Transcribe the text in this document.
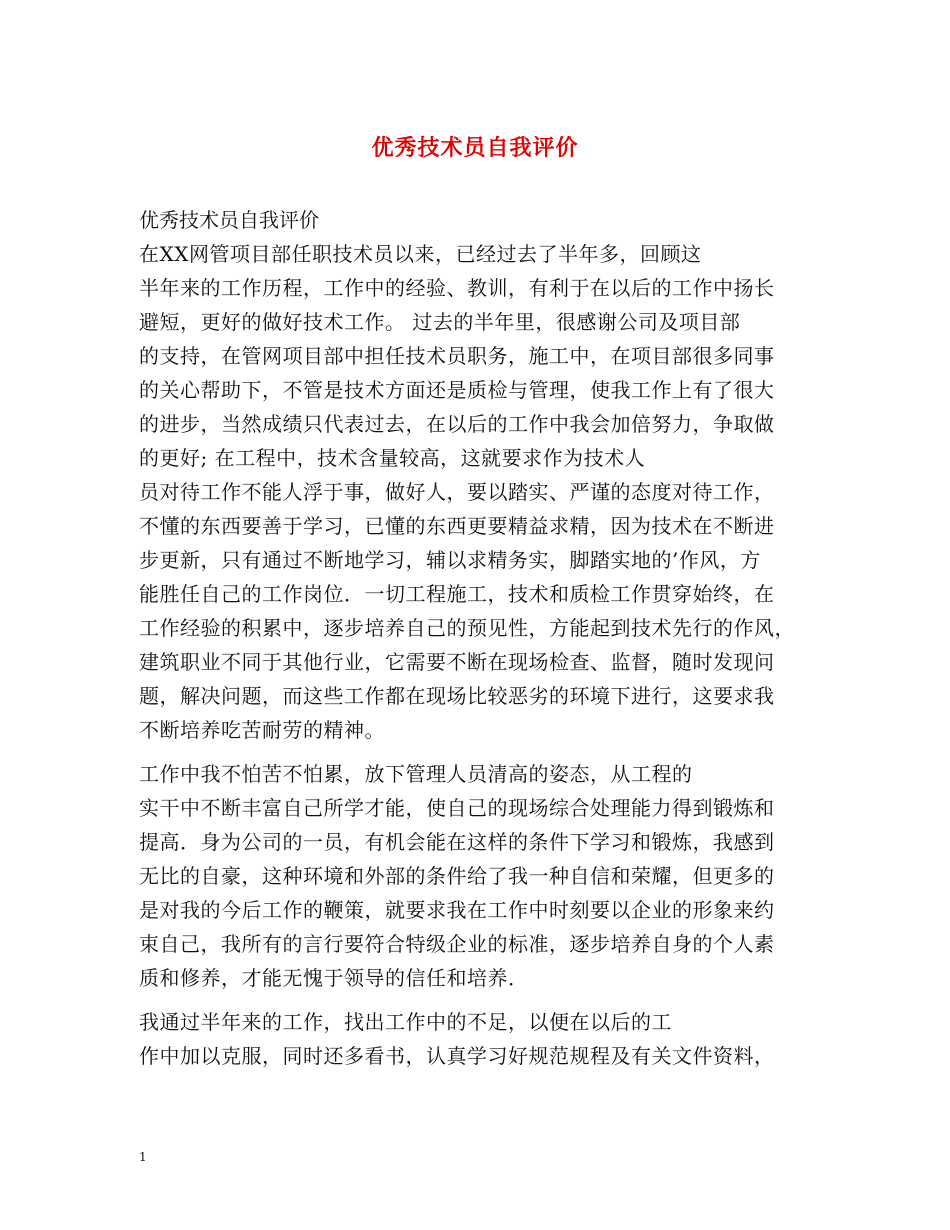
优秀技术员自我评价
优秀技术员自我评价
在XX网管项目部任职技术员以来，已经过去了半年多，回顾这
半年来的工作历程，工作中的经验、教训，有利于在以后的工作中扬长
避短，更好的做好技术工作。 过去的半年里，很感谢公司及项目部
的支持，在管网项目部中担任技术员职务，施工中，在项目部很多同事
的关心帮助下，不管是技术方面还是质检与管理，使我工作上有了很大
的进步，当然成绩只代表过去，在以后的工作中我会加倍努力，争取做
的更好; 在工程中，技术含量较高，这就要求作为技术人
员对待工作不能人浮于事，做好人，要以踏实、严谨的态度对待工作，
不懂的东西要善于学习，已懂的东西更要精益求精，因为技术在不断进
步更新，只有通过不断地学习，辅以求精务实，脚踏实地的’作风，方
能胜任自己的工作岗位．一切工程施工，技术和质检工作贯穿始终，在
工作经验的积累中，逐步培养自己的预见性，方能起到技术先行的作风，
建筑职业不同于其他行业，它需要不断在现场检查、监督，随时发现问
题，解决问题，而这些工作都在现场比较恶劣的环境下进行，这要求我
不断培养吃苦耐劳的精神。
工作中我不怕苦不怕累，放下管理人员清高的姿态，从工程的
实干中不断丰富自己所学才能，使自己的现场综合处理能力得到锻炼和
提高．身为公司的一员，有机会能在这样的条件下学习和锻炼，我感到
无比的自豪，这种环境和外部的条件给了我一种自信和荣耀，但更多的
是对我的今后工作的鞭策，就要求我在工作中时刻要以企业的形象来约
束自己，我所有的言行要符合特级企业的标准，逐步培养自身的个人素
质和修养，才能无愧于领导的信任和培养．
我通过半年来的工作，找出工作中的不足，以便在以后的工
作中加以克服，同时还多看书，认真学习好规范规程及有关文件资料，
1
